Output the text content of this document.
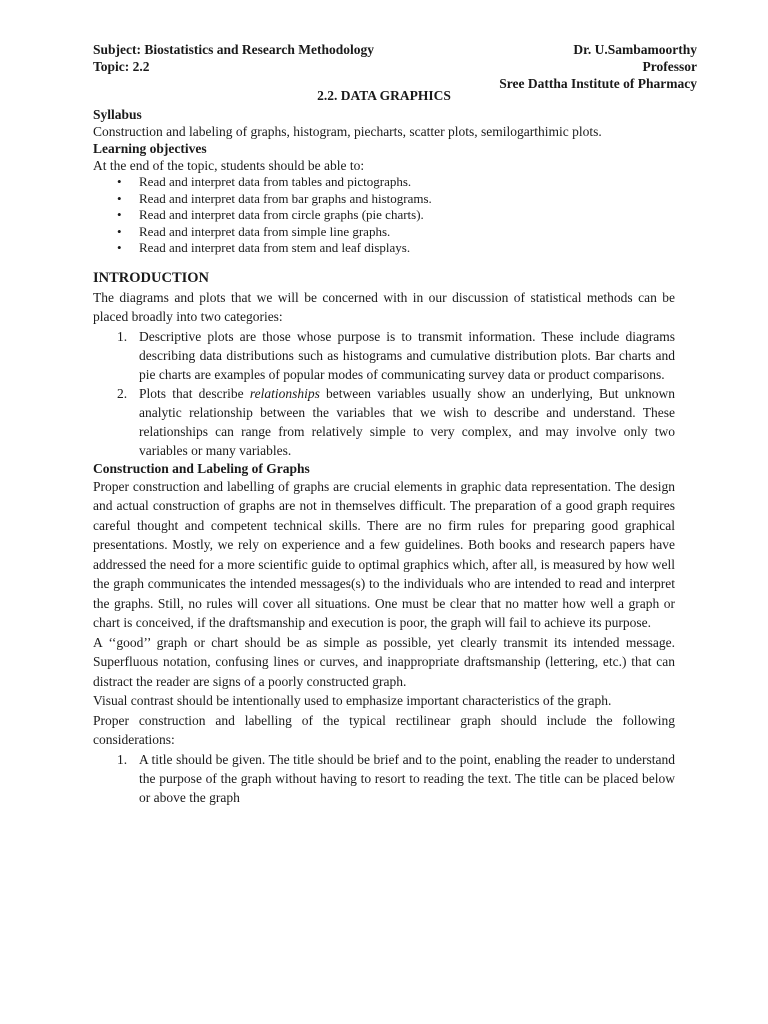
Subject: Biostatistics and Research Methodology
Topic: 2.2
Dr. U.Sambamoorthy
Professor
Sree Dattha Institute of Pharmacy
2.2. DATA GRAPHICS
Syllabus
Construction and labeling of graphs, histogram, piecharts, scatter plots, semilogarthimic plots.
Learning objectives
At the end of the topic, students should be able to:
• Read and interpret data from tables and pictographs.
• Read and interpret data from bar graphs and histograms.
• Read and interpret data from circle graphs (pie charts).
• Read and interpret data from simple line graphs.
• Read and interpret data from stem and leaf displays.
INTRODUCTION
The diagrams and plots that we will be concerned with in our discussion of statistical methods can be placed broadly into two categories:
1. Descriptive plots are those whose purpose is to transmit information. These include diagrams describing data distributions such as histograms and cumulative distribution plots. Bar charts and pie charts are examples of popular modes of communicating survey data or product comparisons.
2. Plots that describe relationships between variables usually show an underlying, But unknown analytic relationship between the variables that we wish to describe and understand. These relationships can range from relatively simple to very complex, and may involve only two variables or many variables.
Construction and Labeling of Graphs
Proper construction and labelling of graphs are crucial elements in graphic data representation. The design and actual construction of graphs are not in themselves difficult. The preparation of a good graph requires careful thought and competent technical skills. There are no firm rules for preparing good graphical presentations. Mostly, we rely on experience and a few guidelines. Both books and research papers have addressed the need for a more scientific guide to optimal graphics which, after all, is measured by how well the graph communicates the intended messages(s) to the individuals who are intended to read and interpret the graphs. Still, no rules will cover all situations. One must be clear that no matter how well a graph or chart is conceived, if the draftsmanship and execution is poor, the graph will fail to achieve its purpose.
A ‘‘good’’ graph or chart should be as simple as possible, yet clearly transmit its intended message. Superfluous notation, confusing lines or curves, and inappropriate draftsmanship (lettering, etc.) that can distract the reader are signs of a poorly constructed graph.
Visual contrast should be intentionally used to emphasize important characteristics of the graph.
Proper construction and labelling of the typical rectilinear graph should include the following considerations:
1. A title should be given. The title should be brief and to the point, enabling the reader to understand the purpose of the graph without having to resort to reading the text. The title can be placed below or above the graph
